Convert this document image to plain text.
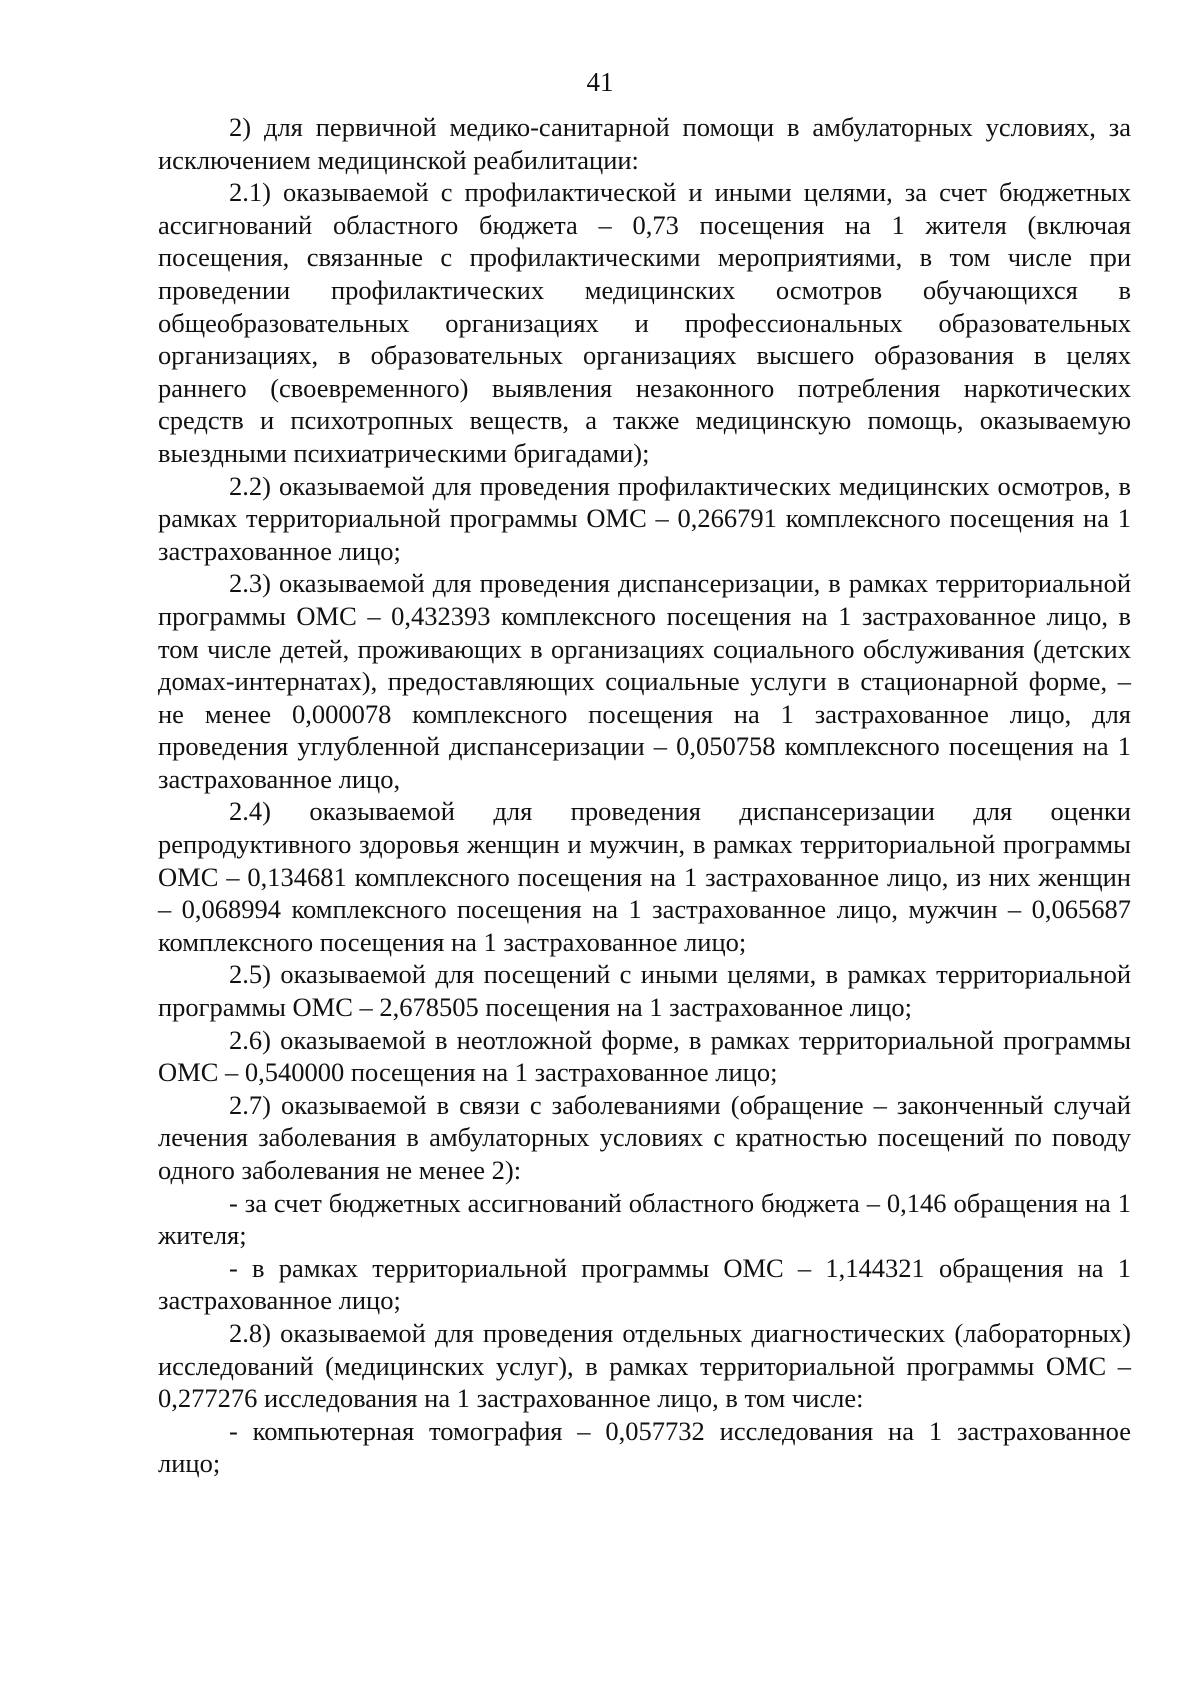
41

2) для первичной медико-санитарной помощи в амбулаторных условиях, за исключением медицинской реабилитации:

2.1) оказываемой с профилактической и иными целями, за счет бюджетных ассигнований областного бюджета – 0,73 посещения на 1 жителя (включая посещения, связанные с профилактическими мероприятиями, в том числе при проведении профилактических медицинских осмотров обучающихся в общеобразовательных организациях и профессиональных образовательных организациях, в образовательных организациях высшего образования в целях раннего (своевременного) выявления незаконного потребления наркотических средств и психотропных веществ, а также медицинскую помощь, оказываемую выездными психиатрическими бригадами);

2.2) оказываемой для проведения профилактических медицинских осмотров, в рамках территориальной программы ОМС – 0,266791 комплексного посещения на 1 застрахованное лицо;

2.3) оказываемой для проведения диспансеризации, в рамках территориальной программы ОМС – 0,432393 комплексного посещения на 1 застрахованное лицо, в том числе детей, проживающих в организациях социального обслуживания (детских домах-интернатах), предоставляющих социальные услуги в стационарной форме, – не менее 0,000078 комплексного посещения на 1 застрахованное лицо, для проведения углубленной диспансеризации – 0,050758 комплексного посещения на 1 застрахованное лицо,

2.4) оказываемой для проведения диспансеризации для оценки репродуктивного здоровья женщин и мужчин, в рамках территориальной программы ОМС – 0,134681 комплексного посещения на 1 застрахованное лицо, из них женщин – 0,068994 комплексного посещения на 1 застрахованное лицо, мужчин – 0,065687 комплексного посещения на 1 застрахованное лицо;

2.5) оказываемой для посещений с иными целями, в рамках территориальной программы ОМС – 2,678505 посещения на 1 застрахованное лицо;

2.6) оказываемой в неотложной форме, в рамках территориальной программы ОМС – 0,540000 посещения на 1 застрахованное лицо;

2.7) оказываемой в связи с заболеваниями (обращение – законченный случай лечения заболевания в амбулаторных условиях с кратностью посещений по поводу одного заболевания не менее 2):

- за счет бюджетных ассигнований областного бюджета – 0,146 обращения на 1 жителя;

- в рамках территориальной программы ОМС – 1,144321 обращения на 1 застрахованное лицо;

2.8) оказываемой для проведения отдельных диагностических (лабораторных) исследований (медицинских услуг), в рамках территориальной программы ОМС – 0,277276 исследования на 1 застрахованное лицо, в том числе:

- компьютерная томография – 0,057732 исследования на 1 застрахованное лицо;
